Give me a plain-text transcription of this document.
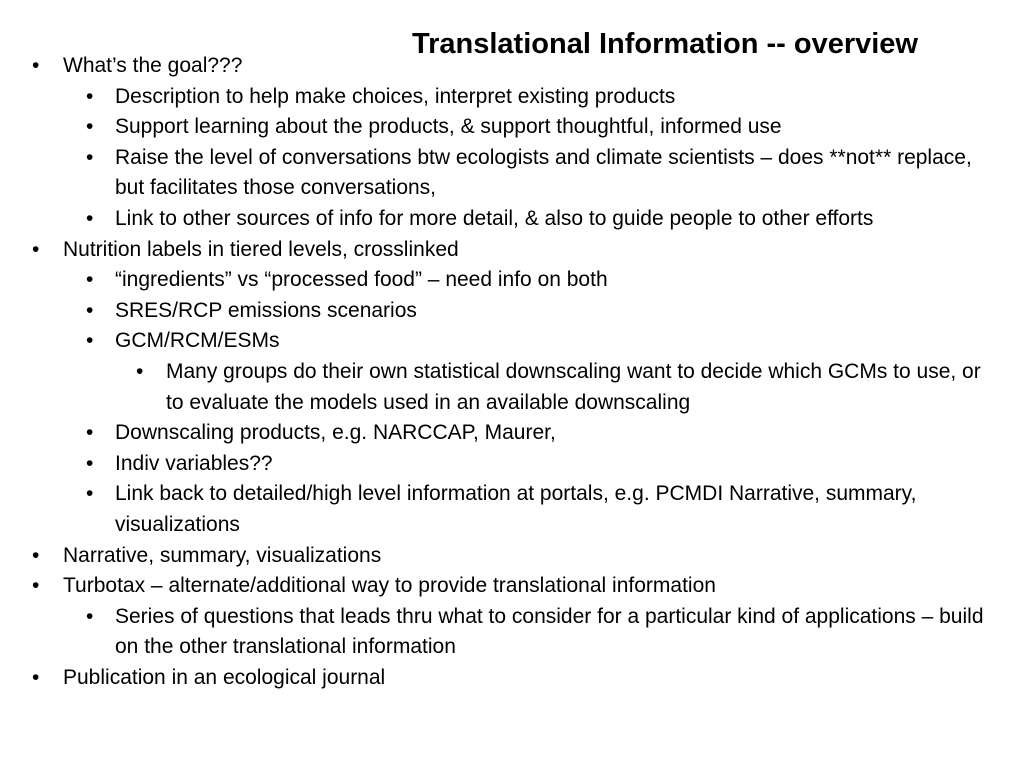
Translational Information -- overview
•	What’s the goal???
•	Description to help make choices, interpret existing products
•	Support learning about the products, & support thoughtful, informed use
•	Raise the level of conversations btw ecologists and climate scientists – does **not** replace, but facilitates those conversations,
•	Link to other sources of info for more detail, & also to guide people to other efforts
•	Nutrition labels in tiered levels, crosslinked
•	“ingredients” vs “processed food” – need info on both
•	SRES/RCP emissions scenarios
•	GCM/RCM/ESMs
•	Many groups do their own statistical downscaling want to decide which GCMs to use, or to evaluate the models used in an available downscaling
•	Downscaling products, e.g. NARCCAP, Maurer,
•	Indiv variables??
•	Link back to detailed/high level information at portals, e.g. PCMDI Narrative, summary, visualizations
•	Narrative, summary, visualizations
•	Turbotax – alternate/additional way to provide translational information
•	Series of questions that leads thru what to consider for a particular kind of applications – build on the other translational information
•	Publication in an ecological journal
